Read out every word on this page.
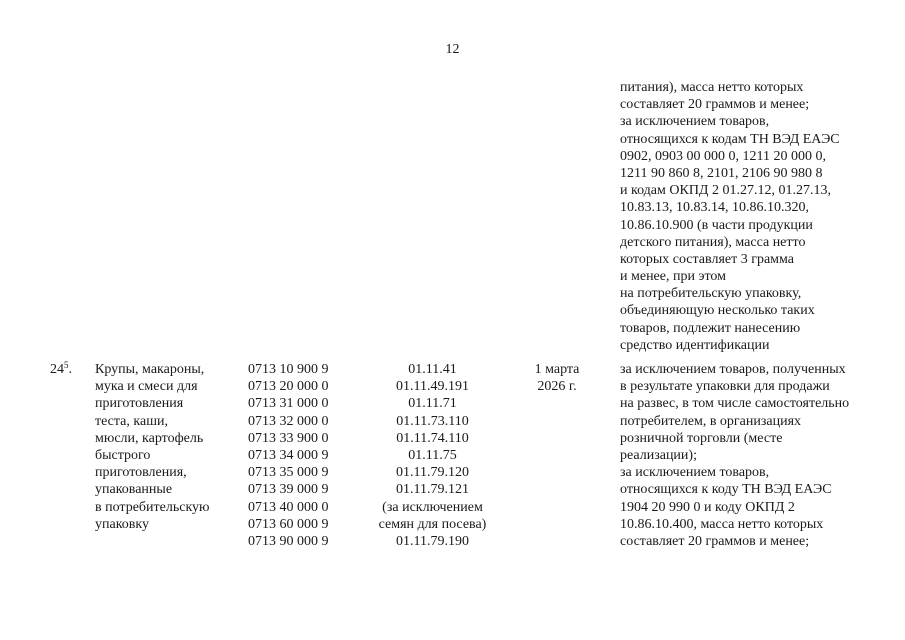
12
питания), масса нетто которых
составляет 20 граммов и менее;
за исключением товаров,
относящихся к кодам ТН ВЭД ЕАЭС
0902, 0903 00 000 0, 1211 20 000 0,
1211 90 860 8, 2101, 2106 90 980 8
и кодам ОКПД 2 01.27.12, 01.27.13,
10.83.13, 10.83.14, 10.86.10.320,
10.86.10.900 (в части продукции
детского питания), масса нетто
которых составляет 3 грамма
и менее, при этом
на потребительскую упаковку,
объединяющую несколько таких
товаров, подлежит нанесению
средство идентификации
$24^5$. Крупы, макароны,
мука и смеси для
приготовления
теста, каши,
мюсли, картофель
быстрого
приготовления,
упакованные
в потребительскую
упаковку
0713 10 900 9
0713 20 000 0
0713 31 000 0
0713 32 000 0
0713 33 900 0
0713 34 000 9
0713 35 000 9
0713 39 000 9
0713 40 000 0
0713 60 000 9
0713 90 000 9
01.11.41
01.11.49.191
01.11.71
01.11.73.110
01.11.74.110
01.11.75
01.11.79.120
01.11.79.121
(за исключением
семян для посева)
01.11.79.190
1 марта
2026 г.
за исключением товаров, полученных
в результате упаковки для продажи
на развес, в том числе самостоятельно
потребителем, в организациях
розничной торговли (месте
реализации);
за исключением товаров,
относящихся к коду ТН ВЭД ЕАЭС
1904 20 990 0 и коду ОКПД 2
10.86.10.400, масса нетто которых
составляет 20 граммов и менее;
